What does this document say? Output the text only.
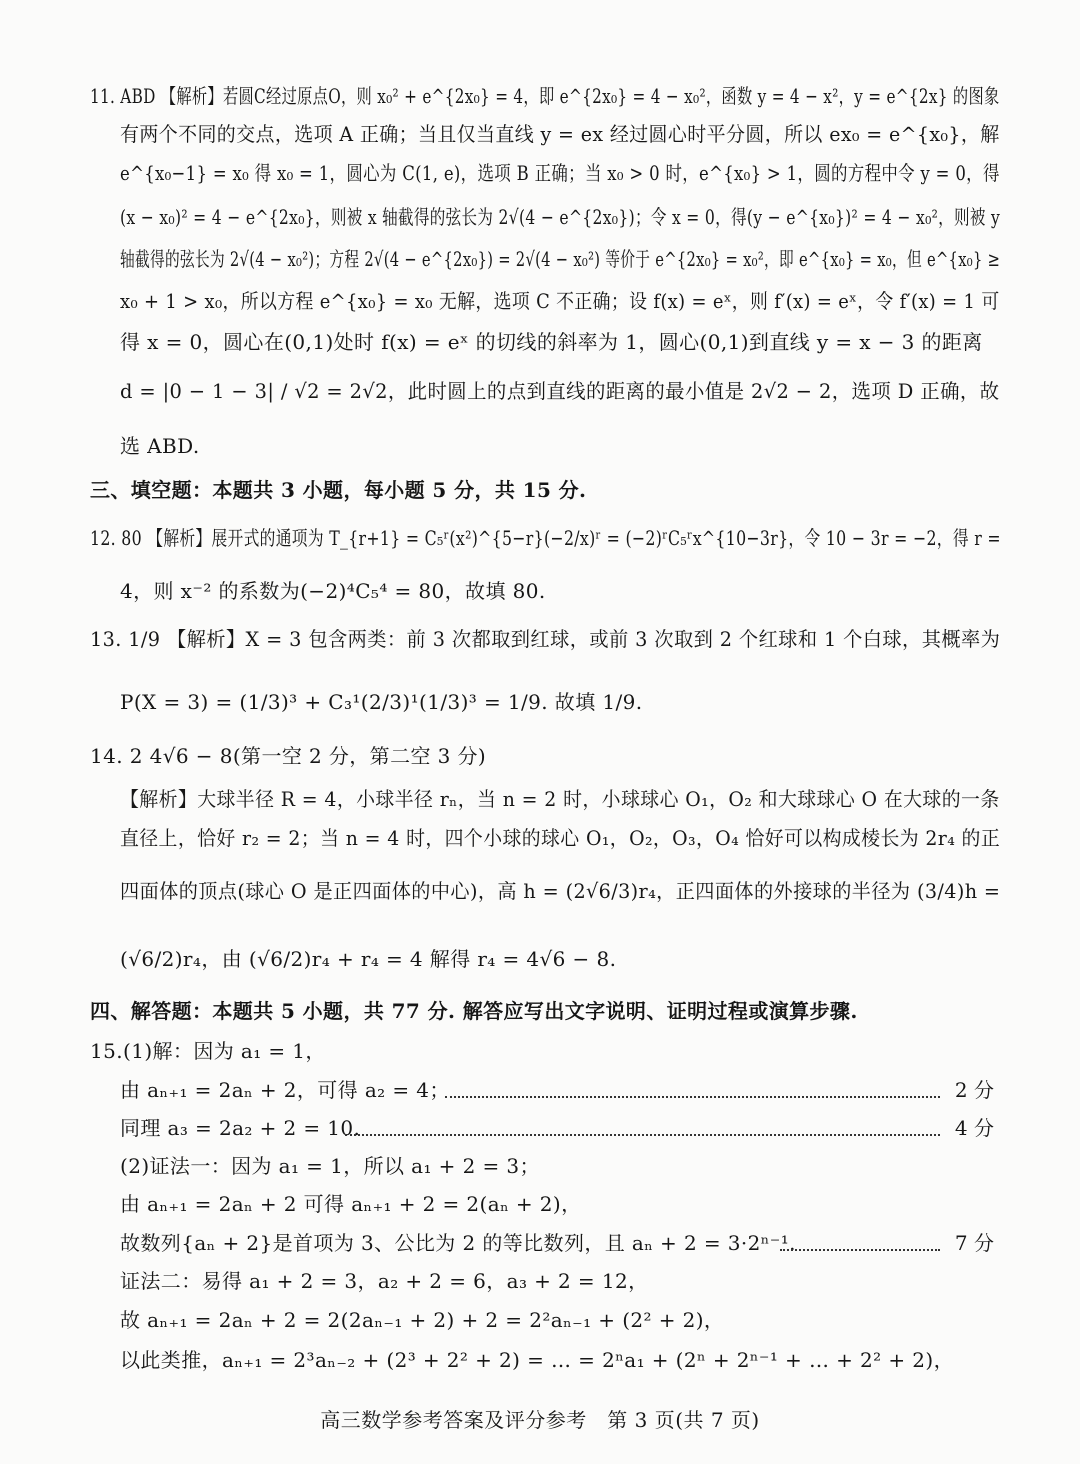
11. ABD 【解析】若圆C经过原点O，则 x₀² + e^{2x₀} = 4，即 e^{2x₀} = 4 − x₀²，函数 y = 4 − x²，y = e^{2x} 的图象
有两个不同的交点，选项 A 正确；当且仅当直线 y = ex 经过圆心时平分圆，所以 ex₀ = e^{x₀}，解
e^{x₀−1} = x₀ 得 x₀ = 1，圆心为 C(1, e)，选项 B 正确；当 x₀ > 0 时，e^{x₀} > 1，圆的方程中令 y = 0，得
(x − x₀)² = 4 − e^{2x₀}，则被 x 轴截得的弦长为 2√(4 − e^{2x₀})；令 x = 0，得(y − e^{x₀})² = 4 − x₀²，则被 y
轴截得的弦长为 2√(4 − x₀²)；方程 2√(4 − e^{2x₀}) = 2√(4 − x₀²) 等价于 e^{2x₀} = x₀²，即 e^{x₀} = x₀，但 e^{x₀} ≥
x₀ + 1 > x₀，所以方程 e^{x₀} = x₀ 无解，选项 C 不正确；设 f(x) = eˣ，则 f′(x) = eˣ，令 f′(x) = 1 可
得 x = 0，圆心在(0,1)处时 f(x) = eˣ 的切线的斜率为 1，圆心(0,1)到直线 y = x − 3 的距离
d = |0 − 1 − 3| / √2 = 2√2，此时圆上的点到直线的距离的最小值是 2√2 − 2，选项 D 正确，故
选 ABD.
三、填空题：本题共 3 小题，每小题 5 分，共 15 分.
12. 80 【解析】展开式的通项为 T_{r+1} = C₅ʳ(x²)^{5−r}(−2/x)ʳ = (−2)ʳC₅ʳx^{10−3r}，令 10 − 3r = −2，得 r =
4，则 x⁻² 的系数为(−2)⁴C₅⁴ = 80，故填 80.
13. 1/9 【解析】X = 3 包含两类：前 3 次都取到红球，或前 3 次取到 2 个红球和 1 个白球，其概率为
P(X = 3) = (1/3)³ + C₃¹(2/3)¹(1/3)³ = 1/9. 故填 1/9.
14. 2 4√6 − 8(第一空 2 分，第二空 3 分)
【解析】大球半径 R = 4，小球半径 rₙ，当 n = 2 时，小球球心 O₁，O₂ 和大球球心 O 在大球的一条
直径上，恰好 r₂ = 2；当 n = 4 时，四个小球的球心 O₁，O₂，O₃，O₄ 恰好可以构成棱长为 2r₄ 的正
四面体的顶点(球心 O 是正四面体的中心)，高 h = (2√6/3)r₄，正四面体的外接球的半径为 (3/4)h =
(√6/2)r₄，由 (√6/2)r₄ + r₄ = 4 解得 r₄ = 4√6 − 8.
四、解答题：本题共 5 小题，共 77 分. 解答应写出文字说明、证明过程或演算步骤.
15.(1)解：因为 a₁ = 1，
由 aₙ₊₁ = 2aₙ + 2，可得 a₂ = 4；	2 分
同理 a₃ = 2a₂ + 2 = 10.	4 分
(2)证法一：因为 a₁ = 1，所以 a₁ + 2 = 3；
由 aₙ₊₁ = 2aₙ + 2 可得 aₙ₊₁ + 2 = 2(aₙ + 2)，
故数列{aₙ + 2}是首项为 3、公比为 2 的等比数列，且 aₙ + 2 = 3·2ⁿ⁻¹.	7 分
证法二：易得 a₁ + 2 = 3，a₂ + 2 = 6，a₃ + 2 = 12，
故 aₙ₊₁ = 2aₙ + 2 = 2(2aₙ₋₁ + 2) + 2 = 2²aₙ₋₁ + (2² + 2)，
以此类推，aₙ₊₁ = 2³aₙ₋₂ + (2³ + 2² + 2) = … = 2ⁿa₁ + (2ⁿ + 2ⁿ⁻¹ + … + 2² + 2)，
高三数学参考答案及评分参考　第 3 页(共 7 页)
